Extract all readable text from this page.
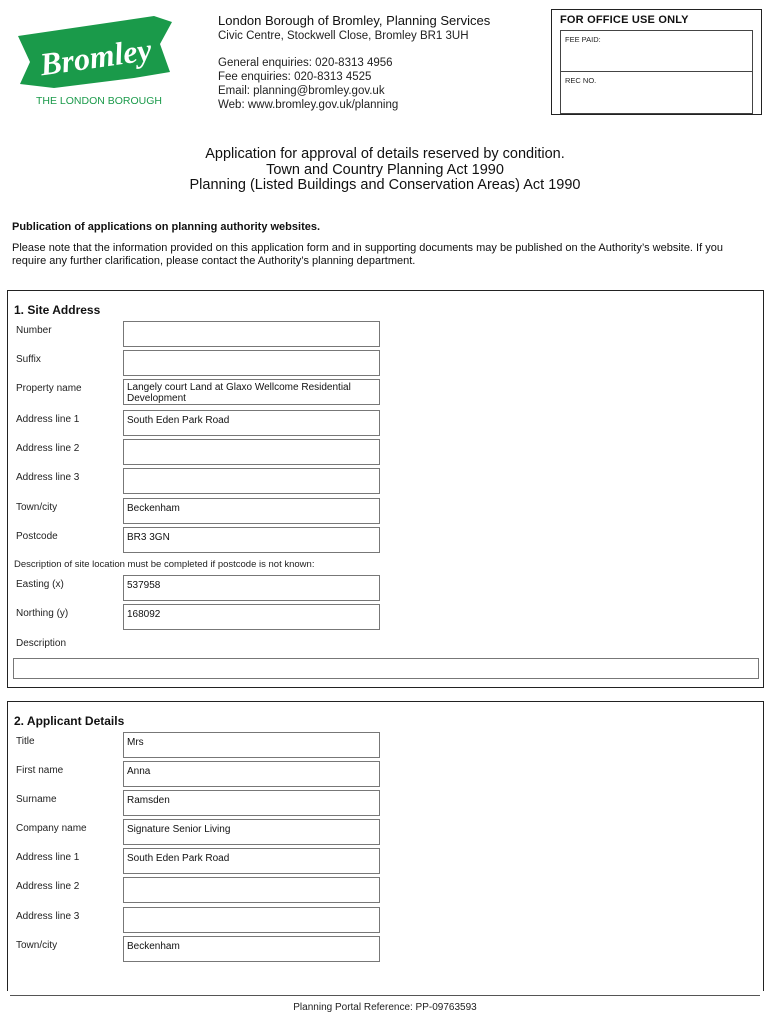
Bromley
THE LONDON BOROUGH
London Borough of Bromley, Planning Services
Civic Centre, Stockwell Close, Bromley BR1 3UH
General enquiries: 020-8313 4956
Fee enquiries: 020-8313 4525
Email: planning@bromley.gov.uk
Web: www.bromley.gov.uk/planning
FOR OFFICE USE ONLY
FEE PAID:
REC NO.
Application for approval of details reserved by condition.
Town and Country Planning Act 1990
Planning (Listed Buildings and Conservation Areas) Act 1990
Publication of applications on planning authority websites.
Please note that the information provided on this application form and in supporting documents may be published on the Authority’s website. If you require any further clarification, please contact the Authority’s planning department.
1. Site Address
Number
Suffix
Property name	Langely court Land at Glaxo Wellcome Residential Development
Address line 1	South Eden Park Road
Address line 2
Address line 3
Town/city	Beckenham
Postcode	BR3 3GN
Description of site location must be completed if postcode is not known:
Easting (x)	537958
Northing (y)	168092
Description
2. Applicant Details
Title	Mrs
First name	Anna
Surname	Ramsden
Company name	Signature Senior Living
Address line 1	South Eden Park Road
Address line 2
Address line 3
Town/city	Beckenham
Planning Portal Reference: PP-09763593
